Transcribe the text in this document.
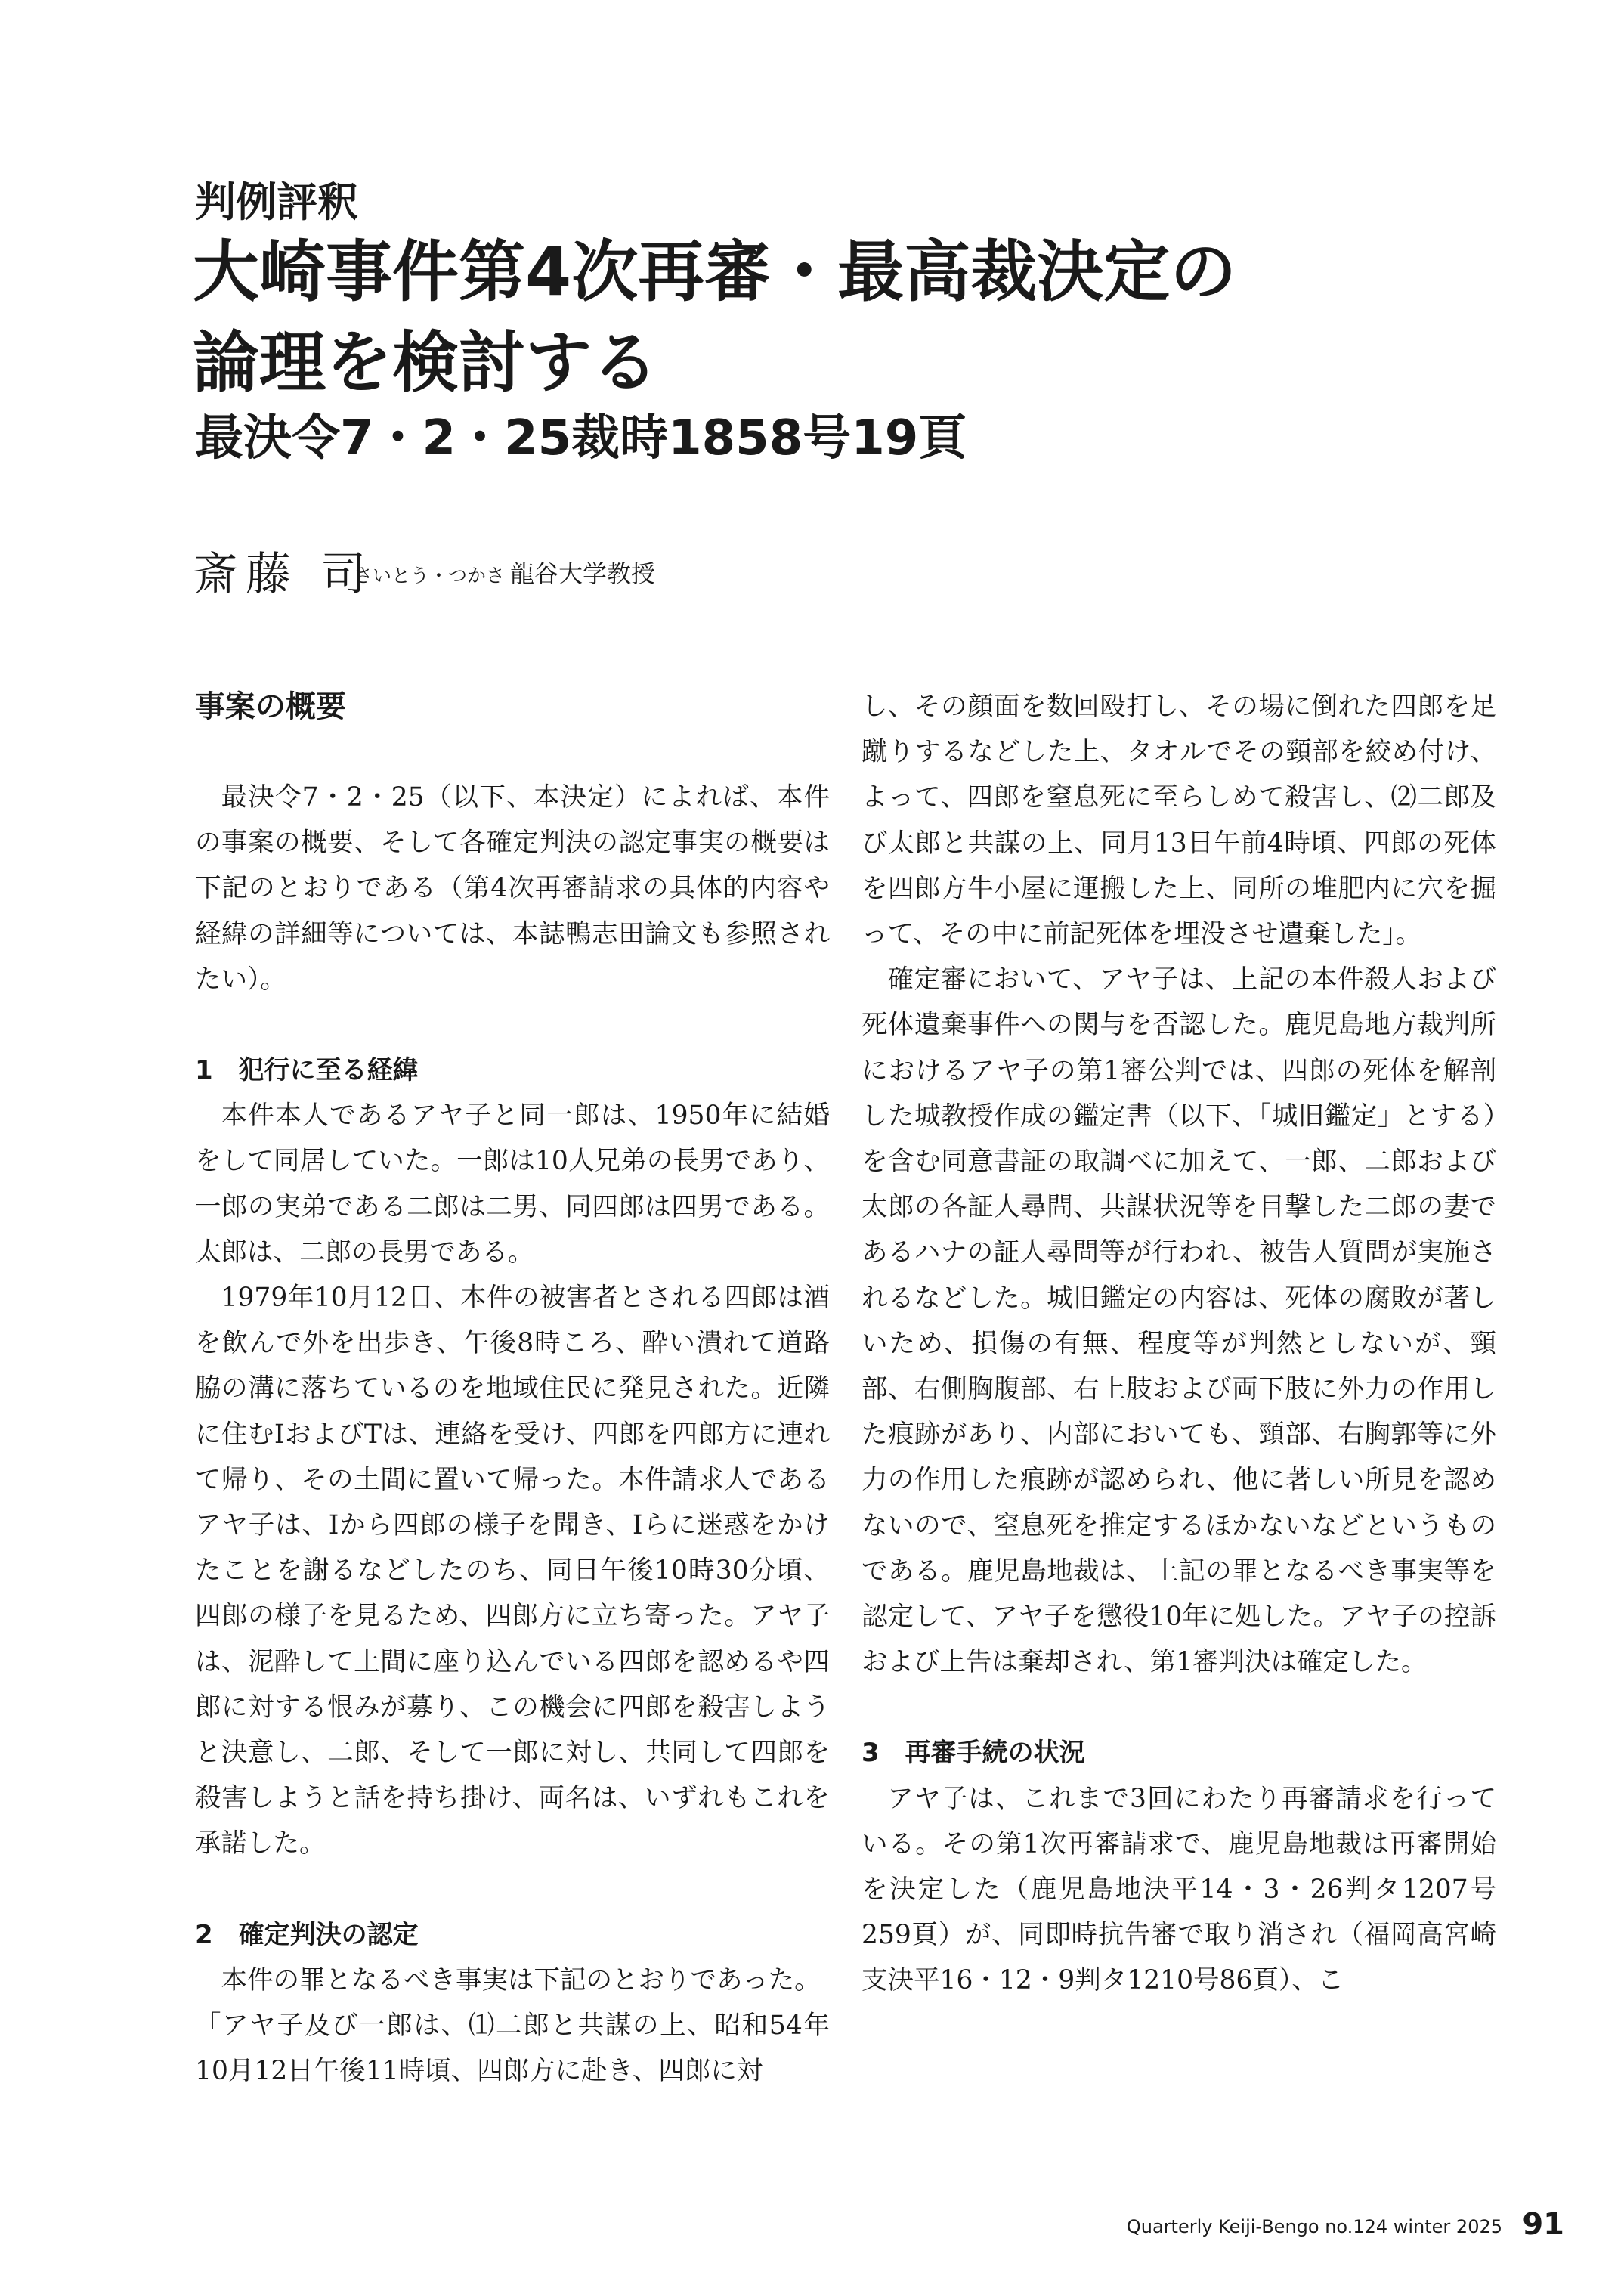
判例評釈
大崎事件第4次再審・最高裁決定の
論理を検討する
最決令7・2・25裁時1858号19頁
斎藤 司
さいとう・つかさ 龍谷大学教授
事案の概要

最決令7・2・25（以下、本決定）によれば、本件の事案の概要、そして各確定判決の認定事実の概要は下記のとおりである（第4次再審請求の具体的内容や経緯の詳細等については、本誌鴨志田論文も参照されたい）。

1　犯行に至る経緯

本件本人であるアヤ子と同一郎は、1950年に結婚をして同居していた。一郎は10人兄弟の長男であり、一郎の実弟である二郎は二男、同四郎は四男である。太郎は、二郎の長男である。

1979年10月12日、本件の被害者とされる四郎は酒を飲んで外を出歩き、午後8時ころ、酔い潰れて道路脇の溝に落ちているのを地域住民に発見された。近隣に住むIおよびTは、連絡を受け、四郎を四郎方に連れて帰り、その土間に置いて帰った。本件請求人であるアヤ子は、Iから四郎の様子を聞き、Iらに迷惑をかけたことを謝るなどしたのち、同日午後10時30分頃、四郎の様子を見るため、四郎方に立ち寄った。アヤ子は、泥酔して土間に座り込んでいる四郎を認めるや四郎に対する恨みが募り、この機会に四郎を殺害しようと決意し、二郎、そして一郎に対し、共同して四郎を殺害しようと話を持ち掛け、両名は、いずれもこれを承諾した。

2　確定判決の認定

本件の罪となるべき事実は下記のとおりであった。

「アヤ子及び一郎は、⑴二郎と共謀の上、昭和54年10月12日午後11時頃、四郎方に赴き、四郎に対

し、その顔面を数回殴打し、その場に倒れた四郎を足蹴りするなどした上、タオルでその頸部を絞め付け、よって、四郎を窒息死に至らしめて殺害し、⑵二郎及び太郎と共謀の上、同月13日午前4時頃、四郎の死体を四郎方牛小屋に運搬した上、同所の堆肥内に穴を掘って、その中に前記死体を埋没させ遺棄した」。

確定審において、アヤ子は、上記の本件殺人および死体遺棄事件への関与を否認した。鹿児島地方裁判所におけるアヤ子の第1審公判では、四郎の死体を解剖した城教授作成の鑑定書（以下、「城旧鑑定」とする）を含む同意書証の取調べに加えて、一郎、二郎および太郎の各証人尋問、共謀状況等を目撃した二郎の妻であるハナの証人尋問等が行われ、被告人質問が実施されるなどした。城旧鑑定の内容は、死体の腐敗が著しいため、損傷の有無、程度等が判然としないが、頸部、右側胸腹部、右上肢および両下肢に外力の作用した痕跡があり、内部においても、頸部、右胸郭等に外力の作用した痕跡が認められ、他に著しい所見を認めないので、窒息死を推定するほかないなどというものである。鹿児島地裁は、上記の罪となるべき事実等を認定して、アヤ子を懲役10年に処した。アヤ子の控訴および上告は棄却され、第1審判決は確定した。

3　再審手続の状況

アヤ子は、これまで3回にわたり再審請求を行っている。その第1次再審請求で、鹿児島地裁は再審開始を決定した（鹿児島地決平14・3・26判タ1207号259頁）が、同即時抗告審で取り消され（福岡高宮崎支決平16・12・9判タ1210号86頁）、こ

Quarterly Keiji-Bengo no.124 winter 2025 91
